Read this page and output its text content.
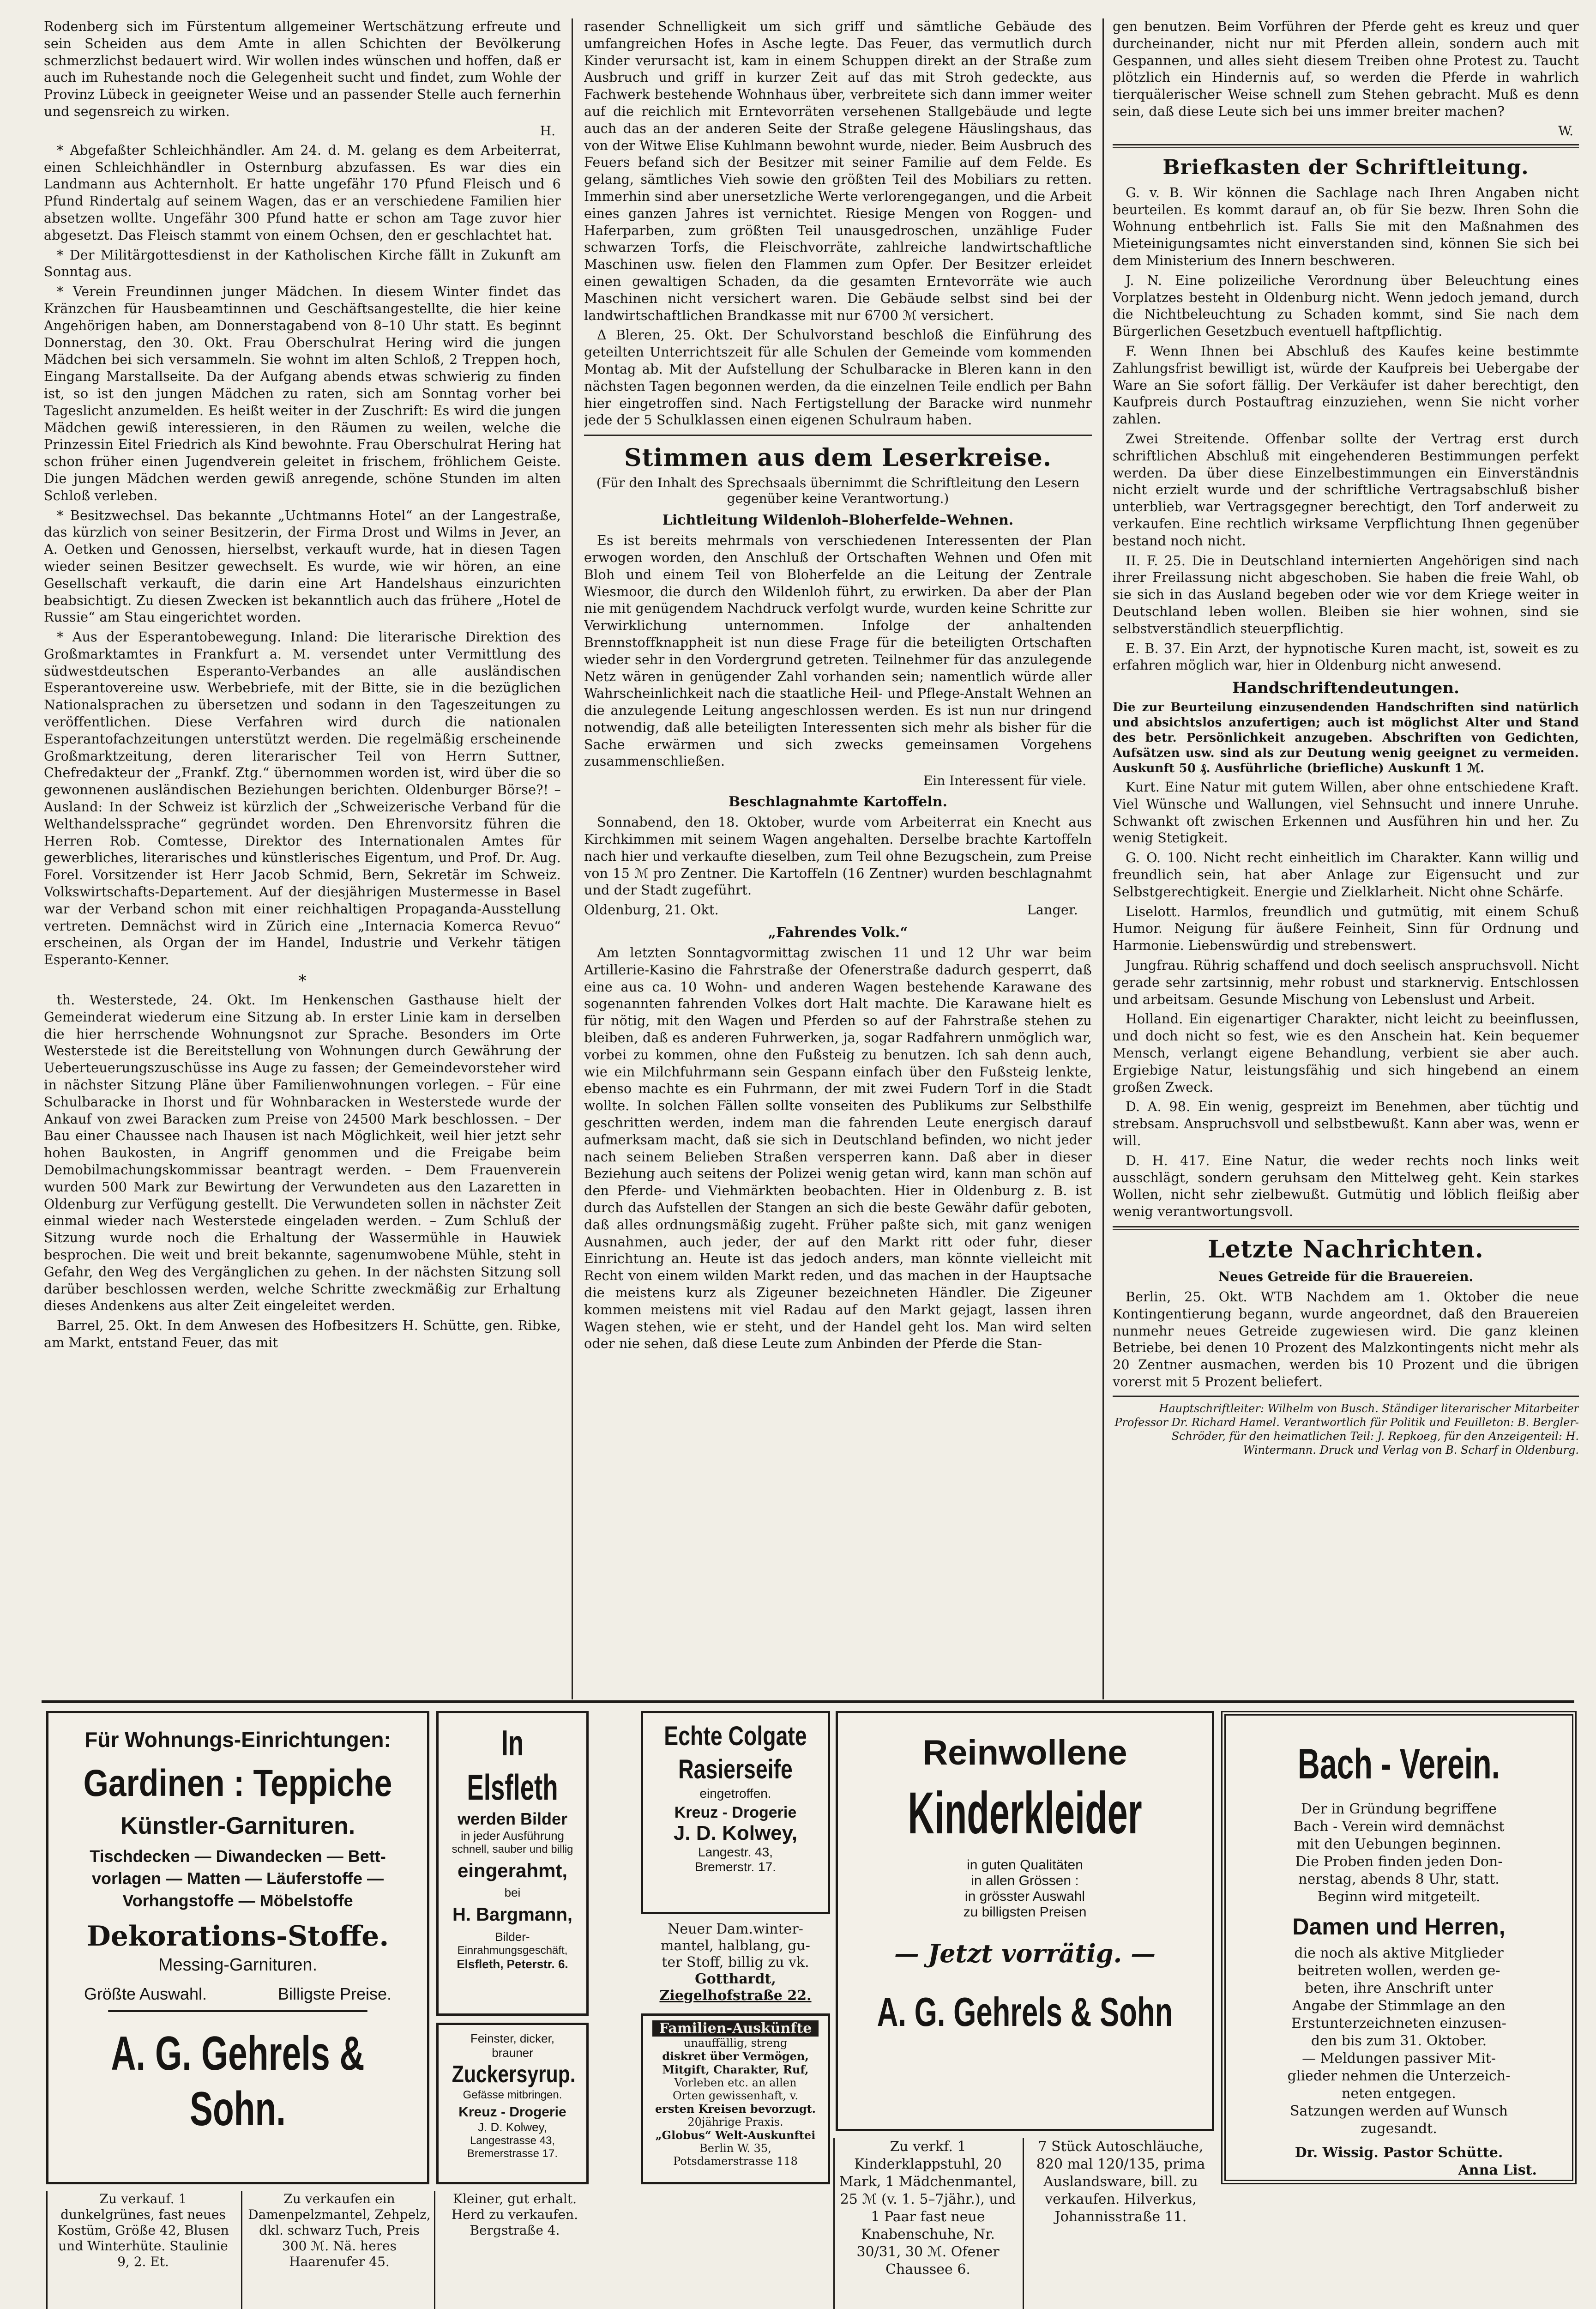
Rodenberg sich im Fürstentum allgemeiner Wertschätzung erfreute und sein Scheiden aus dem Amte in allen Schichten der Bevölkerung schmerzlichst bedauert wird. Wir wollen indes wünschen und hoffen, daß er auch im Ruhestande noch die Gelegenheit sucht und findet, zum Wohle der Provinz Lübeck in geeigneter Weise und an passender Stelle auch fernerhin und segensreich zu wirken.

H.

* Abgefaßter Schleichhändler. Am 24. d. M. gelang es dem Arbeiterrat, einen Schleichhändler in Osternburg abzufassen. Es war dies ein Landmann aus Achternholt. Er hatte ungefähr 170 Pfund Fleisch und 6 Pfund Rindertalg auf seinem Wagen, das er an verschiedene Familien hier absetzen wollte. Ungefähr 300 Pfund hatte er schon am Tage zuvor hier abgesetzt. Das Fleisch stammt von einem Ochsen, den er geschlachtet hat.

* Der Militärgottesdienst in der Katholischen Kirche fällt in Zukunft am Sonntag aus.

* Verein Freundinnen junger Mädchen. In diesem Winter findet das Kränzchen für Hausbeamtinnen und Geschäftsangestellte, die hier keine Angehörigen haben, am Donnerstagabend von 8–10 Uhr statt. Es beginnt Donnerstag, den 30. Okt. Frau Oberschulrat Hering wird die jungen Mädchen bei sich versammeln. Sie wohnt im alten Schloß, 2 Treppen hoch, Eingang Marstallseite. Da der Aufgang abends etwas schwierig zu finden ist, so ist den jungen Mädchen zu raten, sich am Sonntag vorher bei Tageslicht anzumelden. Es heißt weiter in der Zuschrift: Es wird die jungen Mädchen gewiß interessieren, in den Räumen zu weilen, welche die Prinzessin Eitel Friedrich als Kind bewohnte. Frau Oberschulrat Hering hat schon früher einen Jugendverein geleitet in frischem, fröhlichem Geiste. Die jungen Mädchen werden gewiß anregende, schöne Stunden im alten Schloß verleben.

* Besitzwechsel. Das bekannte „Uchtmanns Hotel“ an der Langestraße, das kürzlich von seiner Besitzerin, der Firma Drost und Wilms in Jever, an A. Oetken und Genossen, hierselbst, verkauft wurde, hat in diesen Tagen wieder seinen Besitzer gewechselt. Es wurde, wie wir hören, an eine Gesellschaft verkauft, die darin eine Art Handelshaus einzurichten beabsichtigt. Zu diesen Zwecken ist bekanntlich auch das frühere „Hotel de Russie“ am Stau eingerichtet worden.

* Aus der Esperantobewegung. Inland: Die literarische Direktion des Großmarktamtes in Frankfurt a. M. versendet unter Vermittlung des südwestdeutschen Esperanto-Verbandes an alle ausländischen Esperantovereine usw. Werbebriefe, mit der Bitte, sie in die bezüglichen Nationalsprachen zu übersetzen und sodann in den Tageszeitungen zu veröffentlichen. Diese Verfahren wird durch die nationalen Esperantofachzeitungen unterstützt werden. Die regelmäßig erscheinende Großmarktzeitung, deren literarischer Teil von Herrn Suttner, Chefredakteur der „Frankf. Ztg.“ übernommen worden ist, wird über die so gewonnenen ausländischen Beziehungen berichten. Oldenburger Börse?! – Ausland: In der Schweiz ist kürzlich der „Schweizerische Verband für die Welthandelssprache“ gegründet worden. Den Ehrenvorsitz führen die Herren Rob. Comtesse, Direktor des Internationalen Amtes für gewerbliches, literarisches und künstlerisches Eigentum, und Prof. Dr. Aug. Forel. Vorsitzender ist Herr Jacob Schmid, Bern, Sekretär im Schweiz. Volkswirtschafts-Departement. Auf der diesjährigen Mustermesse in Basel war der Verband schon mit einer reichhaltigen Propaganda-Ausstellung vertreten. Demnächst wird in Zürich eine „Internacia Komerca Revuo“ erscheinen, als Organ der im Handel, Industrie und Verkehr tätigen Esperanto-Kenner.

*

th. Westerstede, 24. Okt. Im Henkenschen Gasthause hielt der Gemeinderat wiederum eine Sitzung ab. In erster Linie kam in derselben die hier herrschende Wohnungsnot zur Sprache. Besonders im Orte Westerstede ist die Bereitstellung von Wohnungen durch Gewährung der Ueberteuerungszuschüsse ins Auge zu fassen; der Gemeindevorsteher wird in nächster Sitzung Pläne über Familienwohnungen vorlegen. – Für eine Schulbaracke in Ihorst und für Wohnbaracken in Westerstede wurde der Ankauf von zwei Baracken zum Preise von 24500 Mark beschlossen. – Der Bau einer Chaussee nach Ihausen ist nach Möglichkeit, weil hier jetzt sehr hohen Baukosten, in Angriff genommen und die Freigabe beim Demobilmachungskommissar beantragt werden. – Dem Frauenverein wurden 500 Mark zur Bewirtung der Verwundeten aus den Lazaretten in Oldenburg zur Verfügung gestellt. Die Verwundeten sollen in nächster Zeit einmal wieder nach Westerstede eingeladen werden. – Zum Schluß der Sitzung wurde noch die Erhaltung der Wassermühle in Hauwiek besprochen. Die weit und breit bekannte, sagenumwobene Mühle, steht in Gefahr, den Weg des Vergänglichen zu gehen. In der nächsten Sitzung soll darüber beschlossen werden, welche Schritte zweckmäßig zur Erhaltung dieses Andenkens aus alter Zeit eingeleitet werden.

Barrel, 25. Okt. In dem Anwesen des Hofbesitzers H. Schütte, gen. Ribke, am Markt, entstand Feuer, das mit

rasender Schnelligkeit um sich griff und sämtliche Gebäude des umfangreichen Hofes in Asche legte. Das Feuer, das vermutlich durch Kinder verursacht ist, kam in einem Schuppen direkt an der Straße zum Ausbruch und griff in kurzer Zeit auf das mit Stroh gedeckte, aus Fachwerk bestehende Wohnhaus über, verbreitete sich dann immer weiter auf die reichlich mit Erntevorräten versehenen Stallgebäude und legte auch das an der anderen Seite der Straße gelegene Häuslingshaus, das von der Witwe Elise Kuhlmann bewohnt wurde, nieder. Beim Ausbruch des Feuers befand sich der Besitzer mit seiner Familie auf dem Felde. Es gelang, sämtliches Vieh sowie den größten Teil des Mobiliars zu retten. Immerhin sind aber unersetzliche Werte verlorengegangen, und die Arbeit eines ganzen Jahres ist vernichtet. Riesige Mengen von Roggen- und Haferparben, zum größten Teil unausgedroschen, unzählige Fuder schwarzen Torfs, die Fleischvorräte, zahlreiche landwirtschaftliche Maschinen usw. fielen den Flammen zum Opfer. Der Besitzer erleidet einen gewaltigen Schaden, da die gesamten Erntevorräte wie auch Maschinen nicht versichert waren. Die Gebäude selbst sind bei der landwirtschaftlichen Brandkasse mit nur 6700 ℳ versichert.

Δ Bleren, 25. Okt. Der Schulvorstand beschloß die Einführung des geteilten Unterrichtszeit für alle Schulen der Gemeinde vom kommenden Montag ab. Mit der Aufstellung der Schulbaracke in Bleren kann in den nächsten Tagen begonnen werden, da die einzelnen Teile endlich per Bahn hier eingetroffen sind. Nach Fertigstellung der Baracke wird nunmehr jede der 5 Schulklassen einen eigenen Schulraum haben.

Stimmen aus dem Leserkreise.
(Für den Inhalt des Sprechsaals übernimmt die Schriftleitung den Lesern gegenüber keine Verantwortung.)
Lichtleitung Wildenloh–Bloherfelde–Wehnen.

Es ist bereits mehrmals von verschiedenen Interessenten der Plan erwogen worden, den Anschluß der Ortschaften Wehnen und Ofen mit Bloh und einem Teil von Bloherfelde an die Leitung der Zentrale Wiesmoor, die durch den Wildenloh führt, zu erwirken. Da aber der Plan nie mit genügendem Nachdruck verfolgt wurde, wurden keine Schritte zur Verwirklichung unternommen. Infolge der anhaltenden Brennstoffknappheit ist nun diese Frage für die beteiligten Ortschaften wieder sehr in den Vordergrund getreten. Teilnehmer für das anzulegende Netz wären in genügender Zahl vorhanden sein; namentlich würde aller Wahrscheinlichkeit nach die staatliche Heil- und Pflege-Anstalt Wehnen an die anzulegende Leitung angeschlossen werden. Es ist nun nur dringend notwendig, daß alle beteiligten Interessenten sich mehr als bisher für die Sache erwärmen und sich zwecks gemeinsamen Vorgehens zusammenschließen.

Ein Interessent für viele.
Beschlagnahmte Kartoffeln.

Sonnabend, den 18. Oktober, wurde vom Arbeiterrat ein Knecht aus Kirchkimmen mit seinem Wagen angehalten. Derselbe brachte Kartoffeln nach hier und verkaufte dieselben, zum Teil ohne Bezugschein, zum Preise von 15 ℳ pro Zentner. Die Kartoffeln (16 Zentner) wurden beschlagnahmt und der Stadt zugeführt.

Oldenburg, 21. Okt.	Langer.

„Fahrendes Volk.“

Am letzten Sonntagvormittag zwischen 11 und 12 Uhr war beim Artillerie-Kasino die Fahrstraße der Ofenerstraße dadurch gesperrt, daß eine aus ca. 10 Wohn- und anderen Wagen bestehende Karawane des sogenannten fahrenden Volkes dort Halt machte. Die Karawane hielt es für nötig, mit den Wagen und Pferden so auf der Fahrstraße stehen zu bleiben, daß es anderen Fuhrwerken, ja, sogar Radfahrern unmöglich war, vorbei zu kommen, ohne den Fußsteig zu benutzen. Ich sah denn auch, wie ein Milchfuhrmann sein Gespann einfach über den Fußsteig lenkte, ebenso machte es ein Fuhrmann, der mit zwei Fudern Torf in die Stadt wollte. In solchen Fällen sollte vonseiten des Publikums zur Selbsthilfe geschritten werden, indem man die fahrenden Leute energisch darauf aufmerksam macht, daß sie sich in Deutschland befinden, wo nicht jeder nach seinem Belieben Straßen versperren kann. Daß aber in dieser Beziehung auch seitens der Polizei wenig getan wird, kann man schön auf den Pferde- und Viehmärkten beobachten. Hier in Oldenburg z. B. ist durch das Aufstellen der Stangen an sich die beste Gewähr dafür geboten, daß alles ordnungsmäßig zugeht. Früher paßte sich, mit ganz wenigen Ausnahmen, auch jeder, der auf den Markt ritt oder fuhr, dieser Einrichtung an. Heute ist das jedoch anders, man könnte vielleicht mit Recht von einem wilden Markt reden, und das machen in der Hauptsache die meistens kurz als Zigeuner bezeichneten Händler. Die Zigeuner kommen meistens mit viel Radau auf den Markt gejagt, lassen ihren Wagen stehen, wie er steht, und der Handel geht los. Man wird selten oder nie sehen, daß diese Leute zum Anbinden der Pferde die Stan-

gen benutzen. Beim Vorführen der Pferde geht es kreuz und quer durcheinander, nicht nur mit Pferden allein, sondern auch mit Gespannen, und alles sieht diesem Treiben ohne Protest zu. Taucht plötzlich ein Hindernis auf, so werden die Pferde in wahrlich tierquälerischer Weise schnell zum Stehen gebracht. Muß es denn sein, daß diese Leute sich bei uns immer breiter machen?

W.
Briefkasten der Schriftleitung.

G. v. B. Wir können die Sachlage nach Ihren Angaben nicht beurteilen. Es kommt darauf an, ob für Sie bezw. Ihren Sohn die Wohnung entbehrlich ist. Falls Sie mit den Maßnahmen des Mieteinigungsamtes nicht einverstanden sind, können Sie sich bei dem Ministerium des Innern beschweren.

J. N. Eine polizeiliche Verordnung über Beleuchtung eines Vorplatzes besteht in Oldenburg nicht. Wenn jedoch jemand, durch die Nichtbeleuchtung zu Schaden kommt, sind Sie nach dem Bürgerlichen Gesetzbuch eventuell haftpflichtig.

F. Wenn Ihnen bei Abschluß des Kaufes keine bestimmte Zahlungsfrist bewilligt ist, würde der Kaufpreis bei Uebergabe der Ware an Sie sofort fällig. Der Verkäufer ist daher berechtigt, den Kaufpreis durch Postauftrag einzuziehen, wenn Sie nicht vorher zahlen.

Zwei Streitende. Offenbar sollte der Vertrag erst durch schriftlichen Abschluß mit eingehenderen Bestimmungen perfekt werden. Da über diese Einzelbestimmungen ein Einverständnis nicht erzielt wurde und der schriftliche Vertragsabschluß bisher unterblieb, war Vertragsgegner berechtigt, den Torf anderweit zu verkaufen. Eine rechtlich wirksame Verpflichtung Ihnen gegenüber bestand noch nicht.

II. F. 25. Die in Deutschland internierten Angehörigen sind nach ihrer Freilassung nicht abgeschoben. Sie haben die freie Wahl, ob sie sich in das Ausland begeben oder wie vor dem Kriege weiter in Deutschland leben wollen. Bleiben sie hier wohnen, sind sie selbstverständlich steuerpflichtig.

E. B. 37. Ein Arzt, der hypnotische Kuren macht, ist, soweit es zu erfahren möglich war, hier in Oldenburg nicht anwesend.

Handschriftendeutungen.

Die zur Beurteilung einzusendenden Handschriften sind natürlich und absichtslos anzufertigen; auch ist möglichst Alter und Stand des betr. Persönlichkeit anzugeben. Abschriften von Gedichten, Aufsätzen usw. sind als zur Deutung wenig geeignet zu vermeiden. Auskunft 50 ₰. Ausführliche (briefliche) Auskunft 1 ℳ.

Kurt. Eine Natur mit gutem Willen, aber ohne entschiedene Kraft. Viel Wünsche und Wallungen, viel Sehnsucht und innere Unruhe. Schwankt oft zwischen Erkennen und Ausführen hin und her. Zu wenig Stetigkeit.

G. O. 100. Nicht recht einheitlich im Charakter. Kann willig und freundlich sein, hat aber Anlage zur Eigensucht und zur Selbstgerechtigkeit. Energie und Zielklarheit. Nicht ohne Schärfe.

Liselott. Harmlos, freundlich und gutmütig, mit einem Schuß Humor. Neigung für äußere Feinheit, Sinn für Ordnung und Harmonie. Liebenswürdig und strebenswert.

Jungfrau. Rührig schaffend und doch seelisch anspruchsvoll. Nicht gerade sehr zartsinnig, mehr robust und starknervig. Entschlossen und arbeitsam. Gesunde Mischung von Lebenslust und Arbeit.

Holland. Ein eigenartiger Charakter, nicht leicht zu beeinflussen, und doch nicht so fest, wie es den Anschein hat. Kein bequemer Mensch, verlangt eigene Behandlung, verbient sie aber auch. Ergiebige Natur, leistungsfähig und sich hingebend an einem großen Zweck.

D. A. 98. Ein wenig, gespreizt im Benehmen, aber tüchtig und strebsam. Anspruchsvoll und selbstbewußt. Kann aber was, wenn er will.

D. H. 417. Eine Natur, die weder rechts noch links weit ausschlägt, sondern geruhsam den Mittelweg geht. Kein starkes Wollen, nicht sehr zielbewußt. Gutmütig und löblich fleißig aber wenig verantwortungsvoll.

Letzte Nachrichten.
Neues Getreide für die Brauereien.

Berlin, 25. Okt. WTB Nachdem am 1. Oktober die neue Kontingentierung begann, wurde angeordnet, daß den Brauereien nunmehr neues Getreide zugewiesen wird. Die ganz kleinen Betriebe, bei denen 10 Prozent des Malzkontingents nicht mehr als 20 Zentner ausmachen, werden bis 10 Prozent und die übrigen vorerst mit 5 Prozent beliefert.

Hauptschriftleiter: Wilhelm von Busch. Ständiger literarischer Mitarbeiter Professor Dr. Richard Hamel. Verantwortlich für Politik und Feuilleton: B. Bergler-Schröder, für den heimatlichen Teil: J. Repkoeg, für den Anzeigenteil: H. Wintermann. Druck und Verlag von B. Scharf in Oldenburg.
Für Wohnungs-Einrichtungen:
Gardinen : Teppiche
Künstler-Garnituren.
Tischdecken — Diwandecken — Bett-
vorlagen — Matten — Läuferstoffe —
Vorhangstoffe — Möbelstoffe
Dekorations-Stoffe.
Messing-Garnituren.
Größte Auswahl.	Billigste Preise.
A. G. Gehrels & Sohn.
In Elsfleth
werden Bilder
in jeder Ausführung
schnell, sauber und billig
eingerahmt,
bei
H. Bargmann,
Bilder-
Einrahmungsgeschäft,
Elsfleth, Peterstr. 6.
Feinster, dicker,
brauner
Zuckersyrup.
Gefässe mitbringen.
Kreuz - Drogerie
J. D. Kolwey,
Langestrasse 43,
Bremerstrasse 17.
Echte Colgate
Rasierseife
eingetroffen.
Kreuz - Drogerie
J. D. Kolwey,
Langestr. 43,
Bremerstr. 17.
Neuer Dam.winter-
mantel, halblang, gu-
ter Stoff, billig zu vk.
Gotthardt,
Ziegelhofstraße 22.
Familien-Auskünfte
unauffällig, streng
diskret über Vermögen,
Mitgift, Charakter, Ruf,
Vorleben etc. an allen
Orten gewissenhaft, v.
ersten Kreisen bevorzugt.
20jährige Praxis.
„Globus“ Welt-Auskunftei
Berlin W. 35,
Potsdamerstrasse 118
Reinwollene
Kinderkleider
in guten Qualitäten
in allen Grössen :
in grösster Auswahl
zu billigsten Preisen
— Jetzt vorrätig. —
A. G. Gehrels & Sohn
Bach - Verein.
Der in Gründung begriffene
Bach - Verein wird demnächst
mit den Uebungen beginnen.
Die Proben finden jeden Don-
nerstag, abends 8 Uhr, statt.
Beginn wird mitgeteilt.
Damen und Herren,
die noch als aktive Mitglieder
beitreten wollen, werden ge-
beten, ihre Anschrift unter
Angabe der Stimmlage an den
Erstunterzeichneten einzusen-
den bis zum 31. Oktober.
— Meldungen passiver Mit-
glieder nehmen die Unterzeich-
neten entgegen.
Satzungen werden auf Wunsch
zugesandt.
Dr. Wissig. Pastor Schütte.
Anna List.
Zu verkauf. 1 dunkelgrünes, fast neues Kostüm, Größe 42, Blusen und Winterhüte. Staulinie 9, 2. Et.
Zu verkaufen ein Damenpelzmantel, Zehpelz, dkl. schwarz Tuch, Preis 300 ℳ. Nä. heres Haarenufer 45.
Kleiner, gut erhalt. Herd zu verkaufen. Bergstraße 4.
Zu verkf. 1 Kinderklappstuhl, 20 Mark, 1 Mädchenmantel, 25 ℳ (v. 1. 5–7jähr.), und 1 Paar fast neue Knabenschuhe, Nr. 30/31, 30 ℳ. Ofener Chaussee 6.
7 Stück Autoschläuche, 820 mal 120/135, prima Auslandsware, bill. zu verkaufen. Hilverkus, Johannisstraße 11.
